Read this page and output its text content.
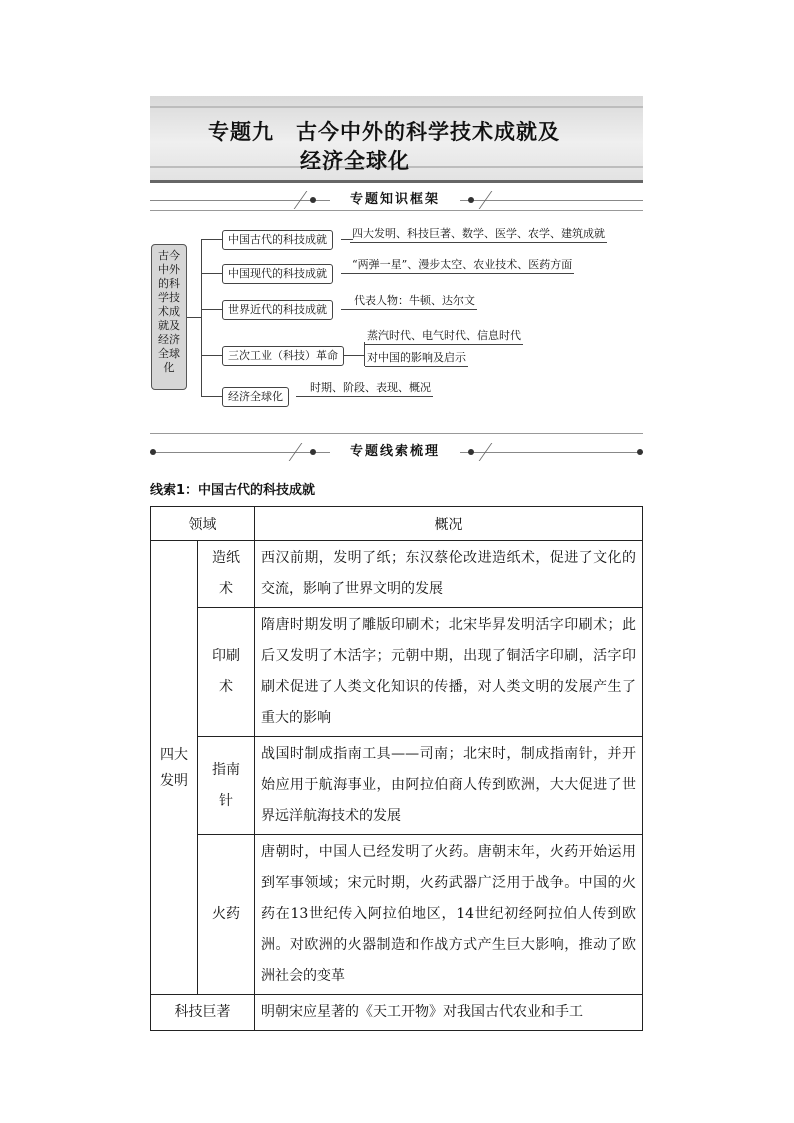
专题九　古今中外的科学技术成就及
经济全球化
专题知识框架
古今中外的科学技术成就及经济全球化
中国古代的科技成就
中国现代的科技成就
世界近代的科技成就
三次工业（科技）革命
经济全球化
四大发明、科技巨著、数学、医学、农学、建筑成就
“两弹一星”、漫步太空、农业技术、医药方面
代表人物：牛顿、达尔文
蒸汽时代、电气时代、信息时代
对中国的影响及启示
时期、阶段、表现、概况
专题线索梳理
线索1：中国古代的科技成就
领域		概况
四大发明	造纸术	西汉前期，发明了纸；东汉蔡伦改进造纸术，促进了文化的交流，影响了世界文明的发展
	印刷术	隋唐时期发明了雕版印刷术；北宋毕昇发明活字印刷术；此后又发明了木活字；元朝中期，出现了铜活字印刷，活字印刷术促进了人类文化知识的传播，对人类文明的发展产生了重大的影响
	指南针	战国时制成指南工具——司南；北宋时，制成指南针，并开始应用于航海事业，由阿拉伯商人传到欧洲，大大促进了世界远洋航海技术的发展
	火药	唐朝时，中国人已经发明了火药。唐朝末年，火药开始运用到军事领域；宋元时期，火药武器广泛用于战争。中国的火药在13世纪传入阿拉伯地区，14世纪初经阿拉伯人传到欧洲。对欧洲的火器制造和作战方式产生巨大影响，推动了欧洲社会的变革
科技巨著		明朝宋应星著的《天工开物》对我国古代农业和手工
